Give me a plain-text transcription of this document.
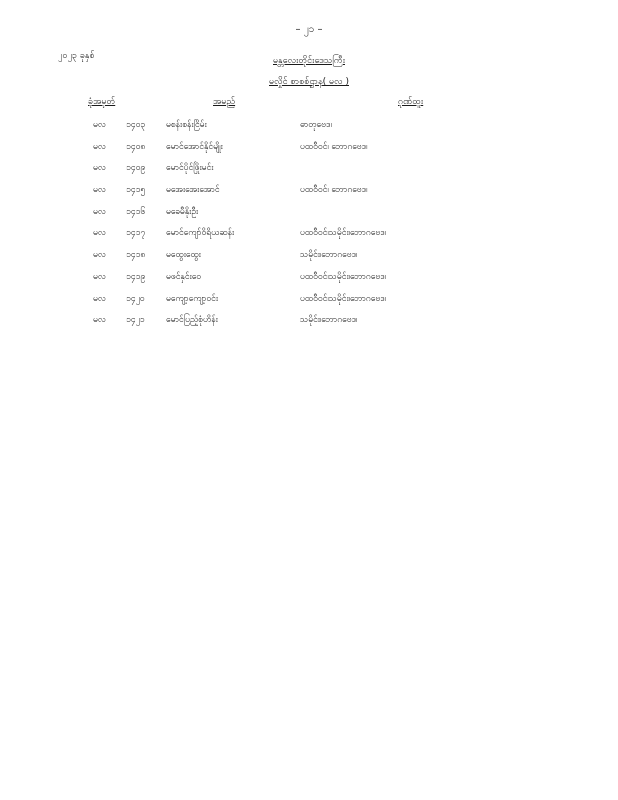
– ၂၁ –
၂၀၂၃ ခုနှစ်	မန္တလေးတိုင်းဒေသကြီး
မလှိုင် စာစစ်ဌာန( မလ )
ခုံအမှတ်	အမည်	ဂုဏ်ထူး
မလ ၁၄၀၃ မစန်းစန်းငြိမ်း	ဓာတုဗေဒ၊
မလ ၁၄၀၈ မောင်အောင်နိုင်မျိုး	ပထဝီဝင်၊ ဘောဂဗေဒ၊
မလ ၁၄၀၉ မောင်ပိုင်ဖြိုးမင်း
မလ ၁၄၁၅ မအေးအေးအောင်	ပထဝီဝင်၊ ဘောဂဗေဒ၊
မလ ၁၄၁၆ မခေမီနိုးဦး
မလ ၁၄၁၇ မောင်ကျော်ဝိရိယဆန်း	ပထဝီဝင်၊သမိုင်း၊ဘောဂဗေဒ၊
မလ ၁၄၁၈ မထွေးထွေး	သမိုင်း၊ဘောဂဗေဒ၊
မလ ၁၄၁၉ မဖင်နှင်းဝေ	ပထဝီဝင်၊သမိုင်း၊ဘောဂဗေဒ၊
မလ ၁၄၂၀	မကျော့ကျော့ဝင်း	ပထဝီဝင်၊သမိုင်း၊ဘောဂဗေဒ၊
မလ ၁၄၂၁	မောင်ပြည့်စုံဟိန်း	သမိုင်း၊ဘောဂဗေဒ၊
